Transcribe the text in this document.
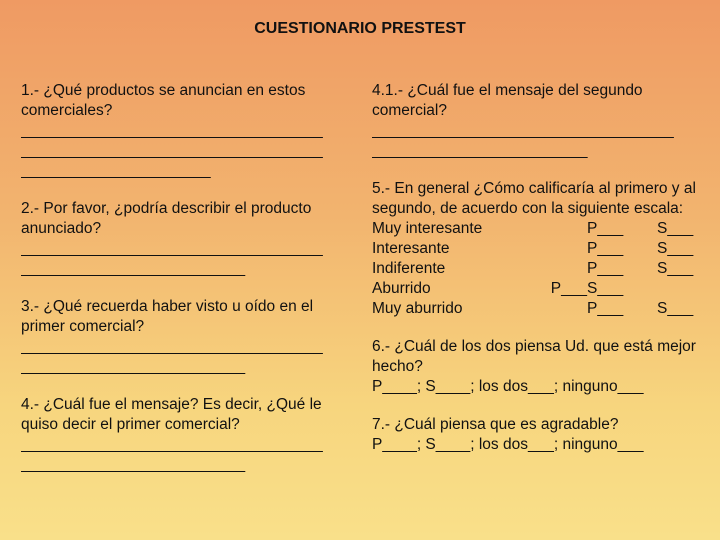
CUESTIONARIO PRESTEST

1.- ¿Qué productos se anuncian en estos comerciales?

___________________________________

___________________________________

______________________

2.- Por favor, ¿podría describir el producto anunciado?

___________________________________

__________________________

3.- ¿Qué recuerda haber visto u oído en el primer comercial?

___________________________________

__________________________

4.- ¿Cuál fue el mensaje? Es decir, ¿Qué le quiso decir el primer comercial?

___________________________________

__________________________

4.1.- ¿Cuál fue el mensaje del segundo comercial?

___________________________________

_________________________

5.- En general ¿Cómo calificaría al primero y al segundo, de acuerdo con la siguiente escala:

Muy interesante	P___	S___
Interesante	P___	S___
Indiferente	P___	S___
Aburrido	P___ S___
Muy aburrido	P___	S___

6.- ¿Cuál de los dos piensa Ud. que está mejor hecho?

P____; S____; los dos___; ninguno___

7.- ¿Cuál piensa que es agradable?

P____; S____; los dos___; ninguno___
